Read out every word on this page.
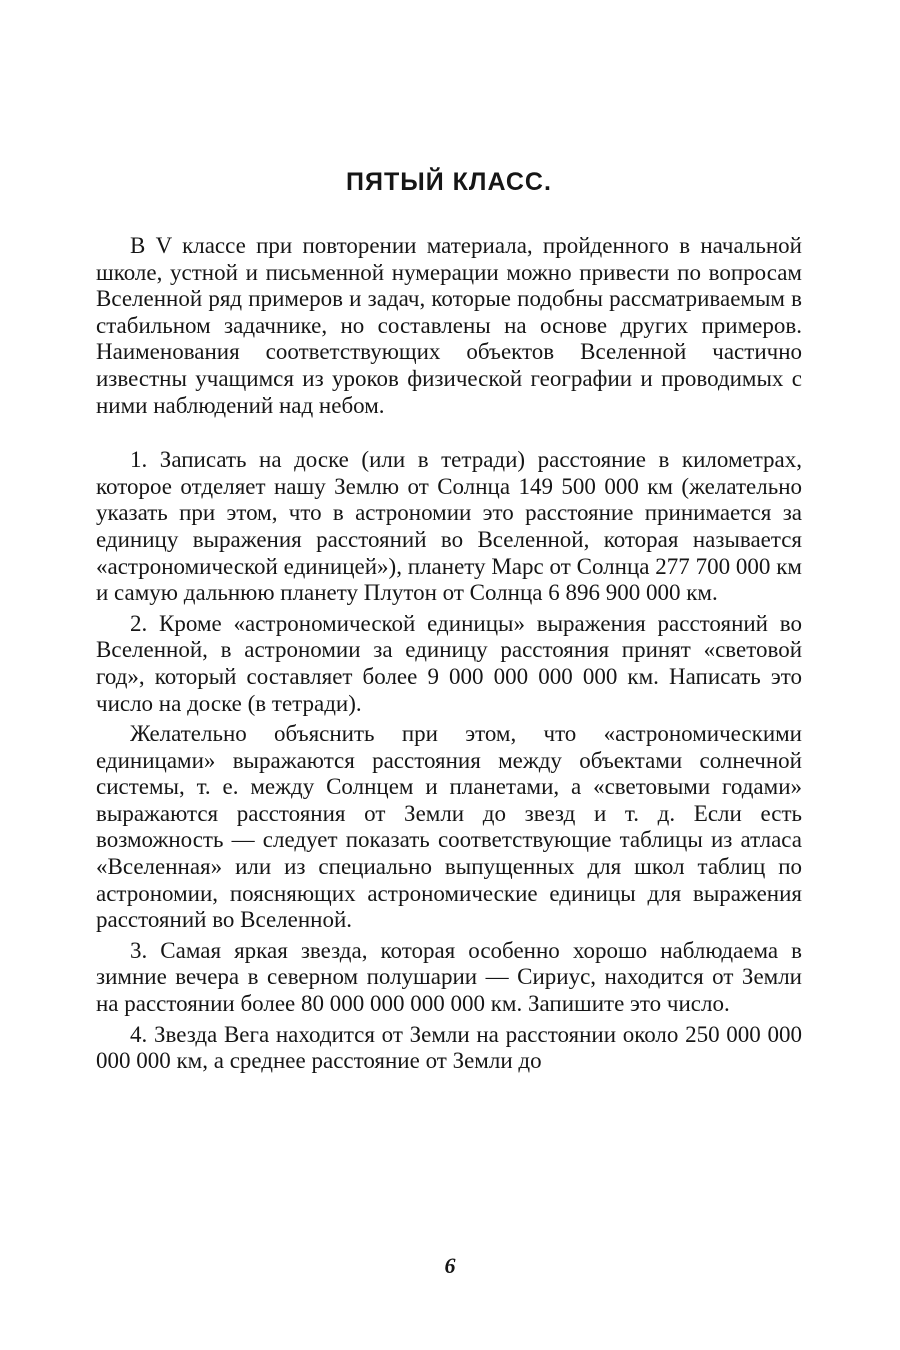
ПЯТЫЙ КЛАСС.

В V классе при повторении материала, пройденного в начальной школе, устной и письменной нумерации можно привести по вопросам Вселенной ряд примеров и задач, которые подобны рассматриваемым в стабильном задачнике, но составлены на основе других примеров. Наименования соответствующих объектов Вселенной частично известны учащимся из уроков физической географии и проводимых с ними наблюдений над небом.

1. Записать на доске (или в тетради) расстояние в километрах, которое отделяет нашу Землю от Солнца 149 500 000 км (желательно указать при этом, что в астрономии это расстояние принимается за единицу выражения расстояний во Вселенной, которая называется «астрономической единицей»), планету Марс от Солнца 277 700 000 км и самую дальнюю планету Плутон от Солнца 6 896 900 000 км.

2. Кроме «астрономической единицы» выражения расстояний во Вселенной, в астрономии за единицу расстояния принят «световой год», который составляет более 9 000 000 000 000 км. Написать это число на доске (в тетради).

Желательно объяснить при этом, что «астрономическими единицами» выражаются расстояния между объектами солнечной системы, т. е. между Солнцем и планетами, а «световыми годами» выражаются расстояния от Земли до звезд и т. д. Если есть возможность — следует показать соответствующие таблицы из атласа «Вселенная» или из специально выпущенных для школ таблиц по астрономии, поясняющих астрономические единицы для выражения расстояний во Вселенной.

3. Самая яркая звезда, которая особенно хорошо наблюдаема в зимние вечера в северном полушарии — Сириус, находится от Земли на расстоянии более 80 000 000 000 000 км. Запишите это число.

4. Звезда Вега находится от Земли на расстоянии около 250 000 000 000 000 км, а среднее расстояние от Земли до

6
